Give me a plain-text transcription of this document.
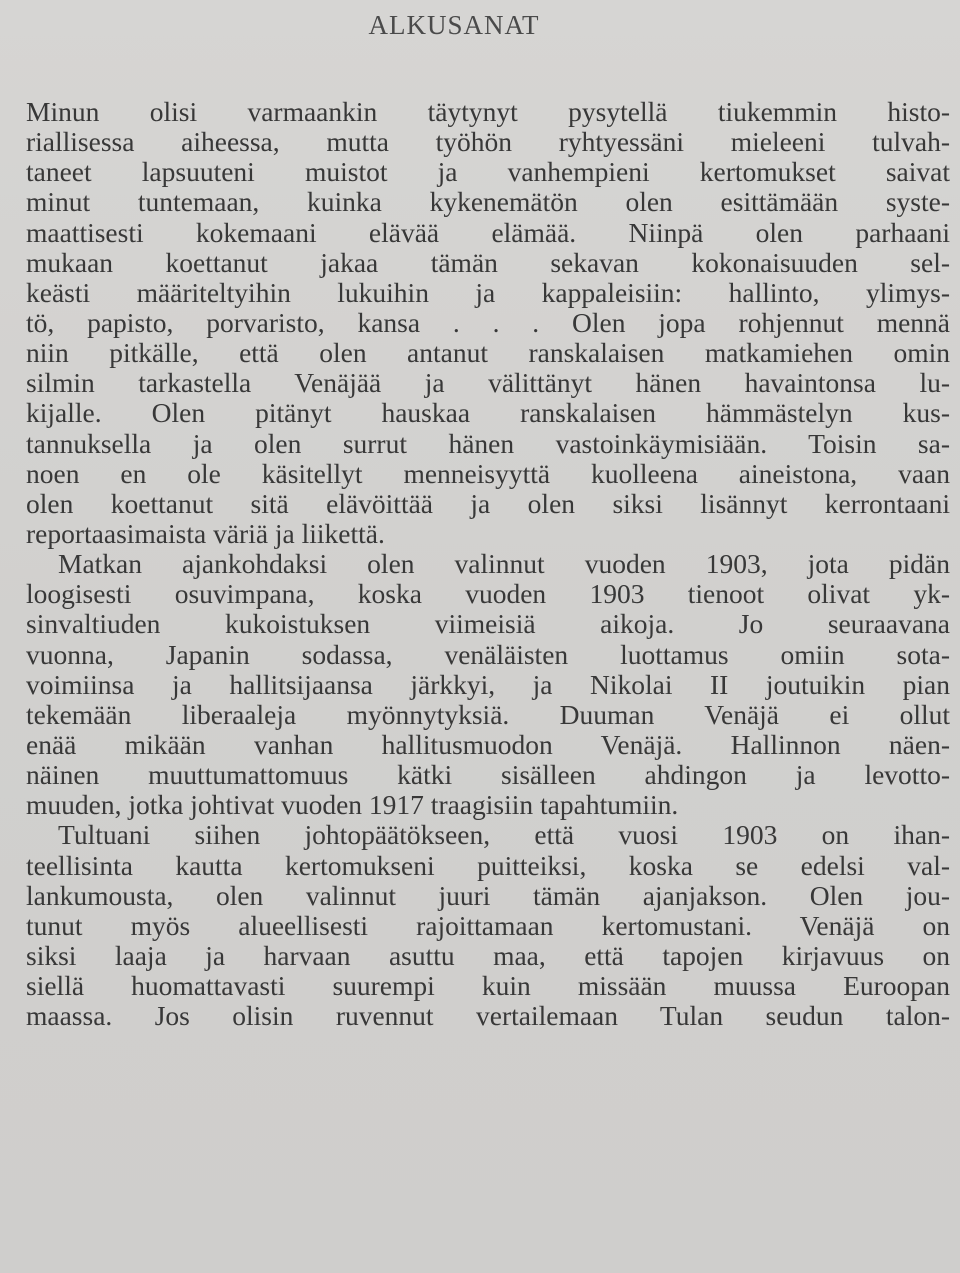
ALKUSANAT
Minun olisi varmaankin täytynyt pysytellä tiukemmin histo-
riallisessa aiheessa, mutta työhön ryhtyessäni mieleeni tulvah-
taneet lapsuuteni muistot ja vanhempieni kertomukset saivat
minut tuntemaan, kuinka kykenemätön olen esittämään syste-
maattisesti kokemaani elävää elämää. Niinpä olen parhaani
mukaan koettanut jakaa tämän sekavan kokonaisuuden sel-
keästi määriteltyihin lukuihin ja kappaleisiin: hallinto, ylimys-
tö, papisto, porvaristo, kansa . . . Olen jopa rohjennut mennä
niin pitkälle, että olen antanut ranskalaisen matkamiehen omin
silmin tarkastella Venäjää ja välittänyt hänen havaintonsa lu-
kijalle. Olen pitänyt hauskaa ranskalaisen hämmästelyn kus-
tannuksella ja olen surrut hänen vastoinkäymisiään. Toisin sa-
noen en ole käsitellyt menneisyyttä kuolleena aineistona, vaan
olen koettanut sitä elävöittää ja olen siksi lisännyt kerrontaani
reportaasimaista väriä ja liikettä.
Matkan ajankohdaksi olen valinnut vuoden 1903, jota pidän
loogisesti osuvimpana, koska vuoden 1903 tienoot olivat yk-
sinvaltiuden kukoistuksen viimeisiä aikoja. Jo seuraavana
vuonna, Japanin sodassa, venäläisten luottamus omiin sota-
voimiinsa ja hallitsijaansa järkkyi, ja Nikolai II joutuikin pian
tekemään liberaaleja myönnytyksiä. Duuman Venäjä ei ollut
enää mikään vanhan hallitusmuodon Venäjä. Hallinnon näen-
näinen muuttumattomuus kätki sisälleen ahdingon ja levotto-
muuden, jotka johtivat vuoden 1917 traagisiin tapahtumiin.
Tultuani siihen johtopäätökseen, että vuosi 1903 on ihan-
teellisinta kautta kertomukseni puitteiksi, koska se edelsi val-
lankumousta, olen valinnut juuri tämän ajanjakson. Olen jou-
tunut myös alueellisesti rajoittamaan kertomustani. Venäjä on
siksi laaja ja harvaan asuttu maa, että tapojen kirjavuus on
siellä huomattavasti suurempi kuin missään muussa Euroopan
maassa. Jos olisin ruvennut vertailemaan Tulan seudun talon-
